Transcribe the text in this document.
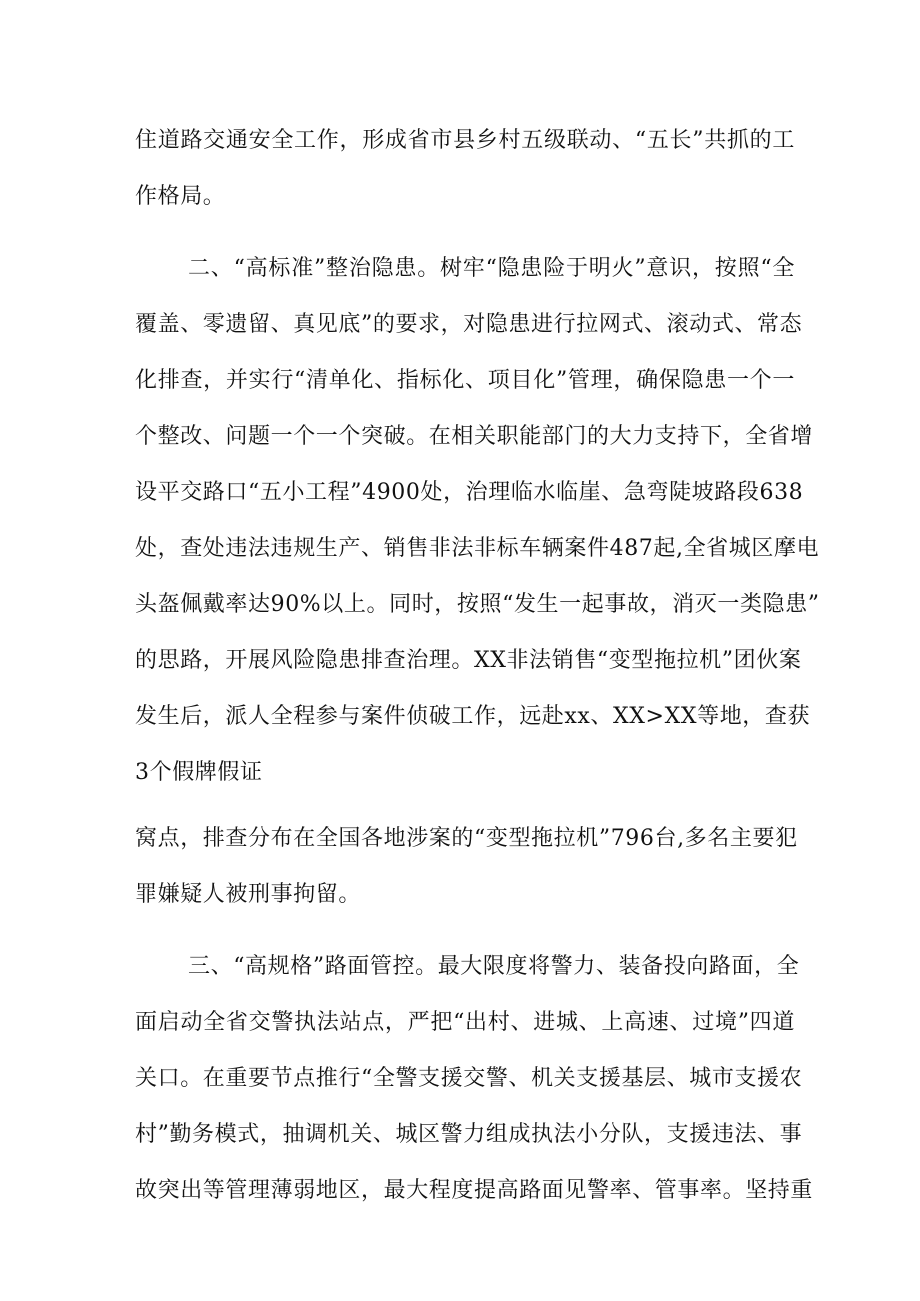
住道路交通安全工作，形成省市县乡村五级联动、“五长”共抓的工
作格局。
二、“高标准”整治隐患。树牢“隐患险于明火”意识，按照“全
覆盖、零遗留、真见底”的要求，对隐患进行拉网式、滚动式、常态
化排查，并实行“清单化、指标化、项目化”管理，确保隐患一个一
个整改、问题一个一个突破。在相关职能部门的大力支持下，全省增
设平交路口“五小工程”4900处，治理临水临崖、急弯陡坡路段638
处，查处违法违规生产、销售非法非标车辆案件487起,全省城区摩电
头盔佩戴率达90%以上。同时，按照“发生一起事故，消灭一类隐患”
的思路，开展风险隐患排查治理。XX非法销售“变型拖拉机”团伙案
发生后，派人全程参与案件侦破工作，远赴xx、XX>XX等地，查获
3个假牌假证
窝点，排查分布在全国各地涉案的“变型拖拉机”796台,多名主要犯
罪嫌疑人被刑事拘留。
三、“高规格”路面管控。最大限度将警力、装备投向路面，全
面启动全省交警执法站点，严把“出村、进城、上高速、过境”四道
关口。在重要节点推行“全警支援交警、机关支援基层、城市支援农
村”勤务模式，抽调机关、城区警力组成执法小分队，支援违法、事
故突出等管理薄弱地区，最大程度提高路面见警率、管事率。坚持重
